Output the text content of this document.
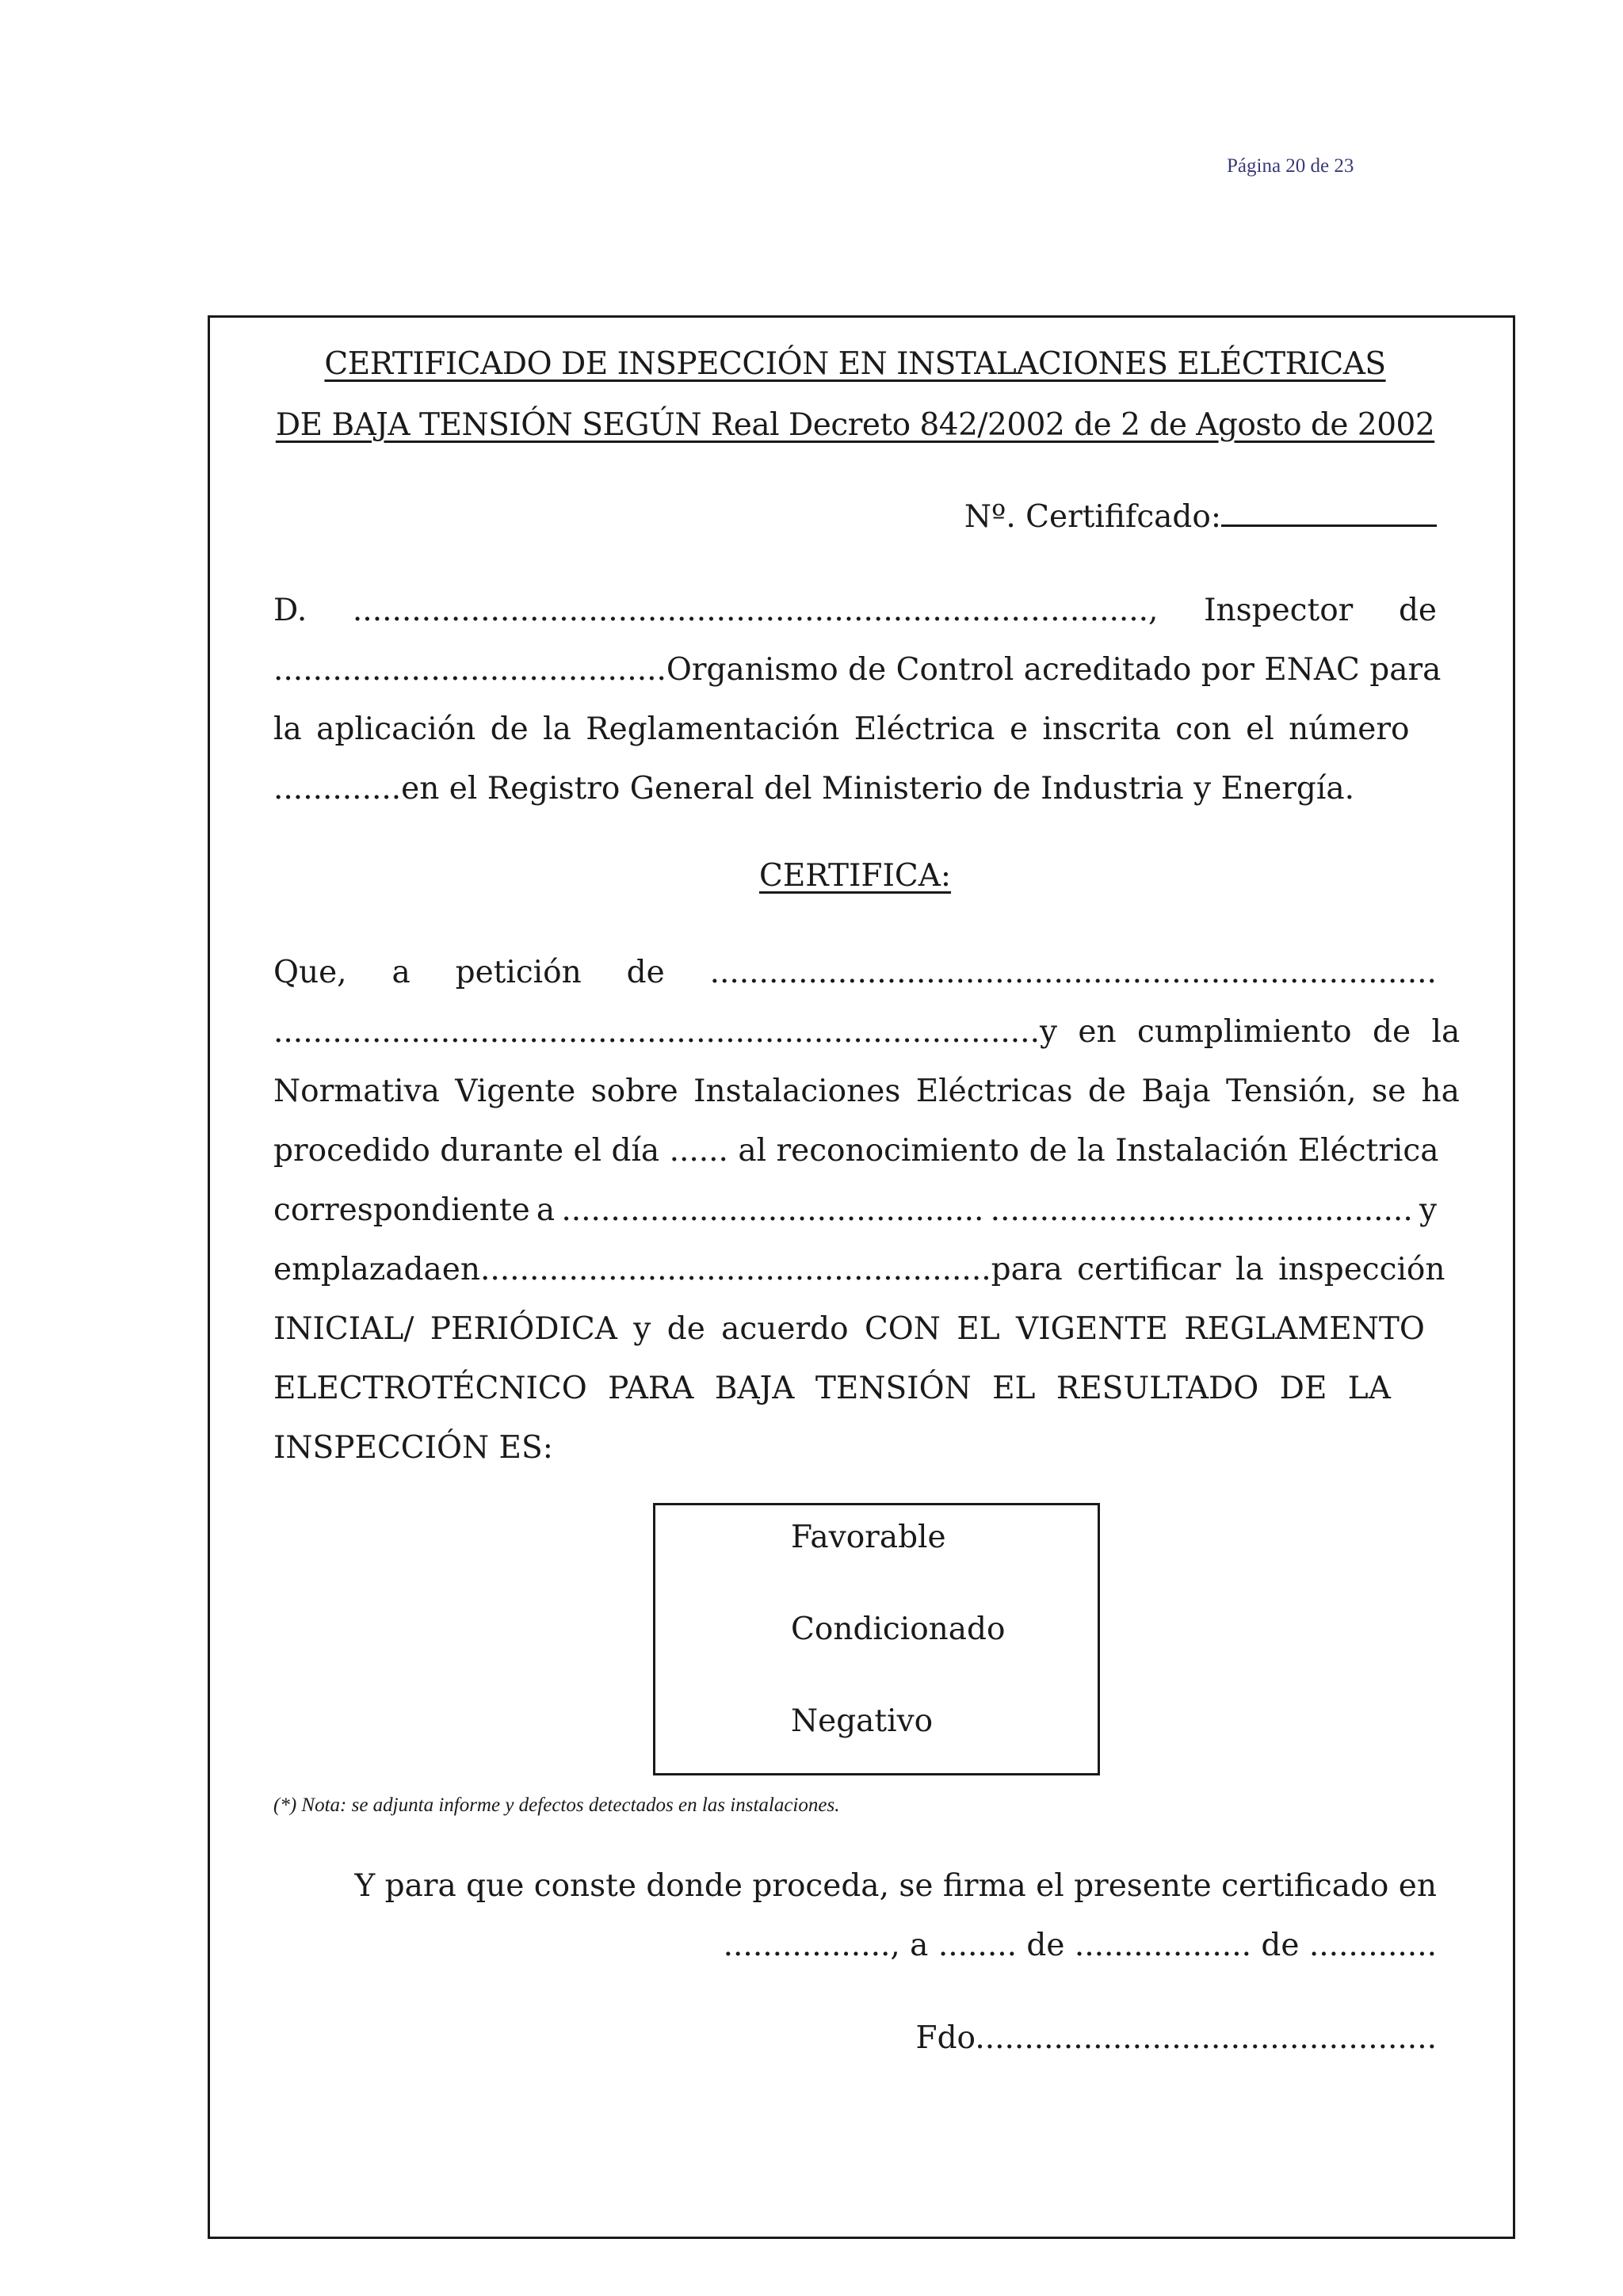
Página 20 de 23
CERTIFICADO DE INSPECCIÓN EN INSTALACIONES ELÉCTRICAS
DE BAJA TENSIÓN SEGÚN Real Decreto 842/2002 de 2 de Agosto de 2002
Nº. Certififcado:
D. ................................................................................., Inspector de
........................................ Organismo de Control acreditado por ENAC para
la aplicación de la Reglamentación Eléctrica e inscrita con el número
.............en el Registro General del Ministerio de Industria y Energía.
CERTIFICA:
Que, a petición de ..........................................................................
.............................................................................. y en cumplimiento de la
Normativa Vigente sobre Instalaciones Eléctricas de Baja Tensión, se ha
procedido durante el día ...... al reconocimiento de la Instalación Eléctrica
correspondiente a ........................................... ........................................... y
emplazada en .................................................... para certificar la inspección
INICIAL/ PERIÓDICA y de acuerdo CON EL VIGENTE REGLAMENTO
ELECTROTÉCNICO PARA BAJA TENSIÓN EL RESULTADO DE LA
INSPECCIÓN ES:
Favorable
Condicionado
Negativo
(*) Nota: se adjunta informe y defectos detectados en las instalaciones.
Y para que conste donde proceda, se firma el presente certificado en
................., a ........ de .................. de .............
Fdo...............................................
